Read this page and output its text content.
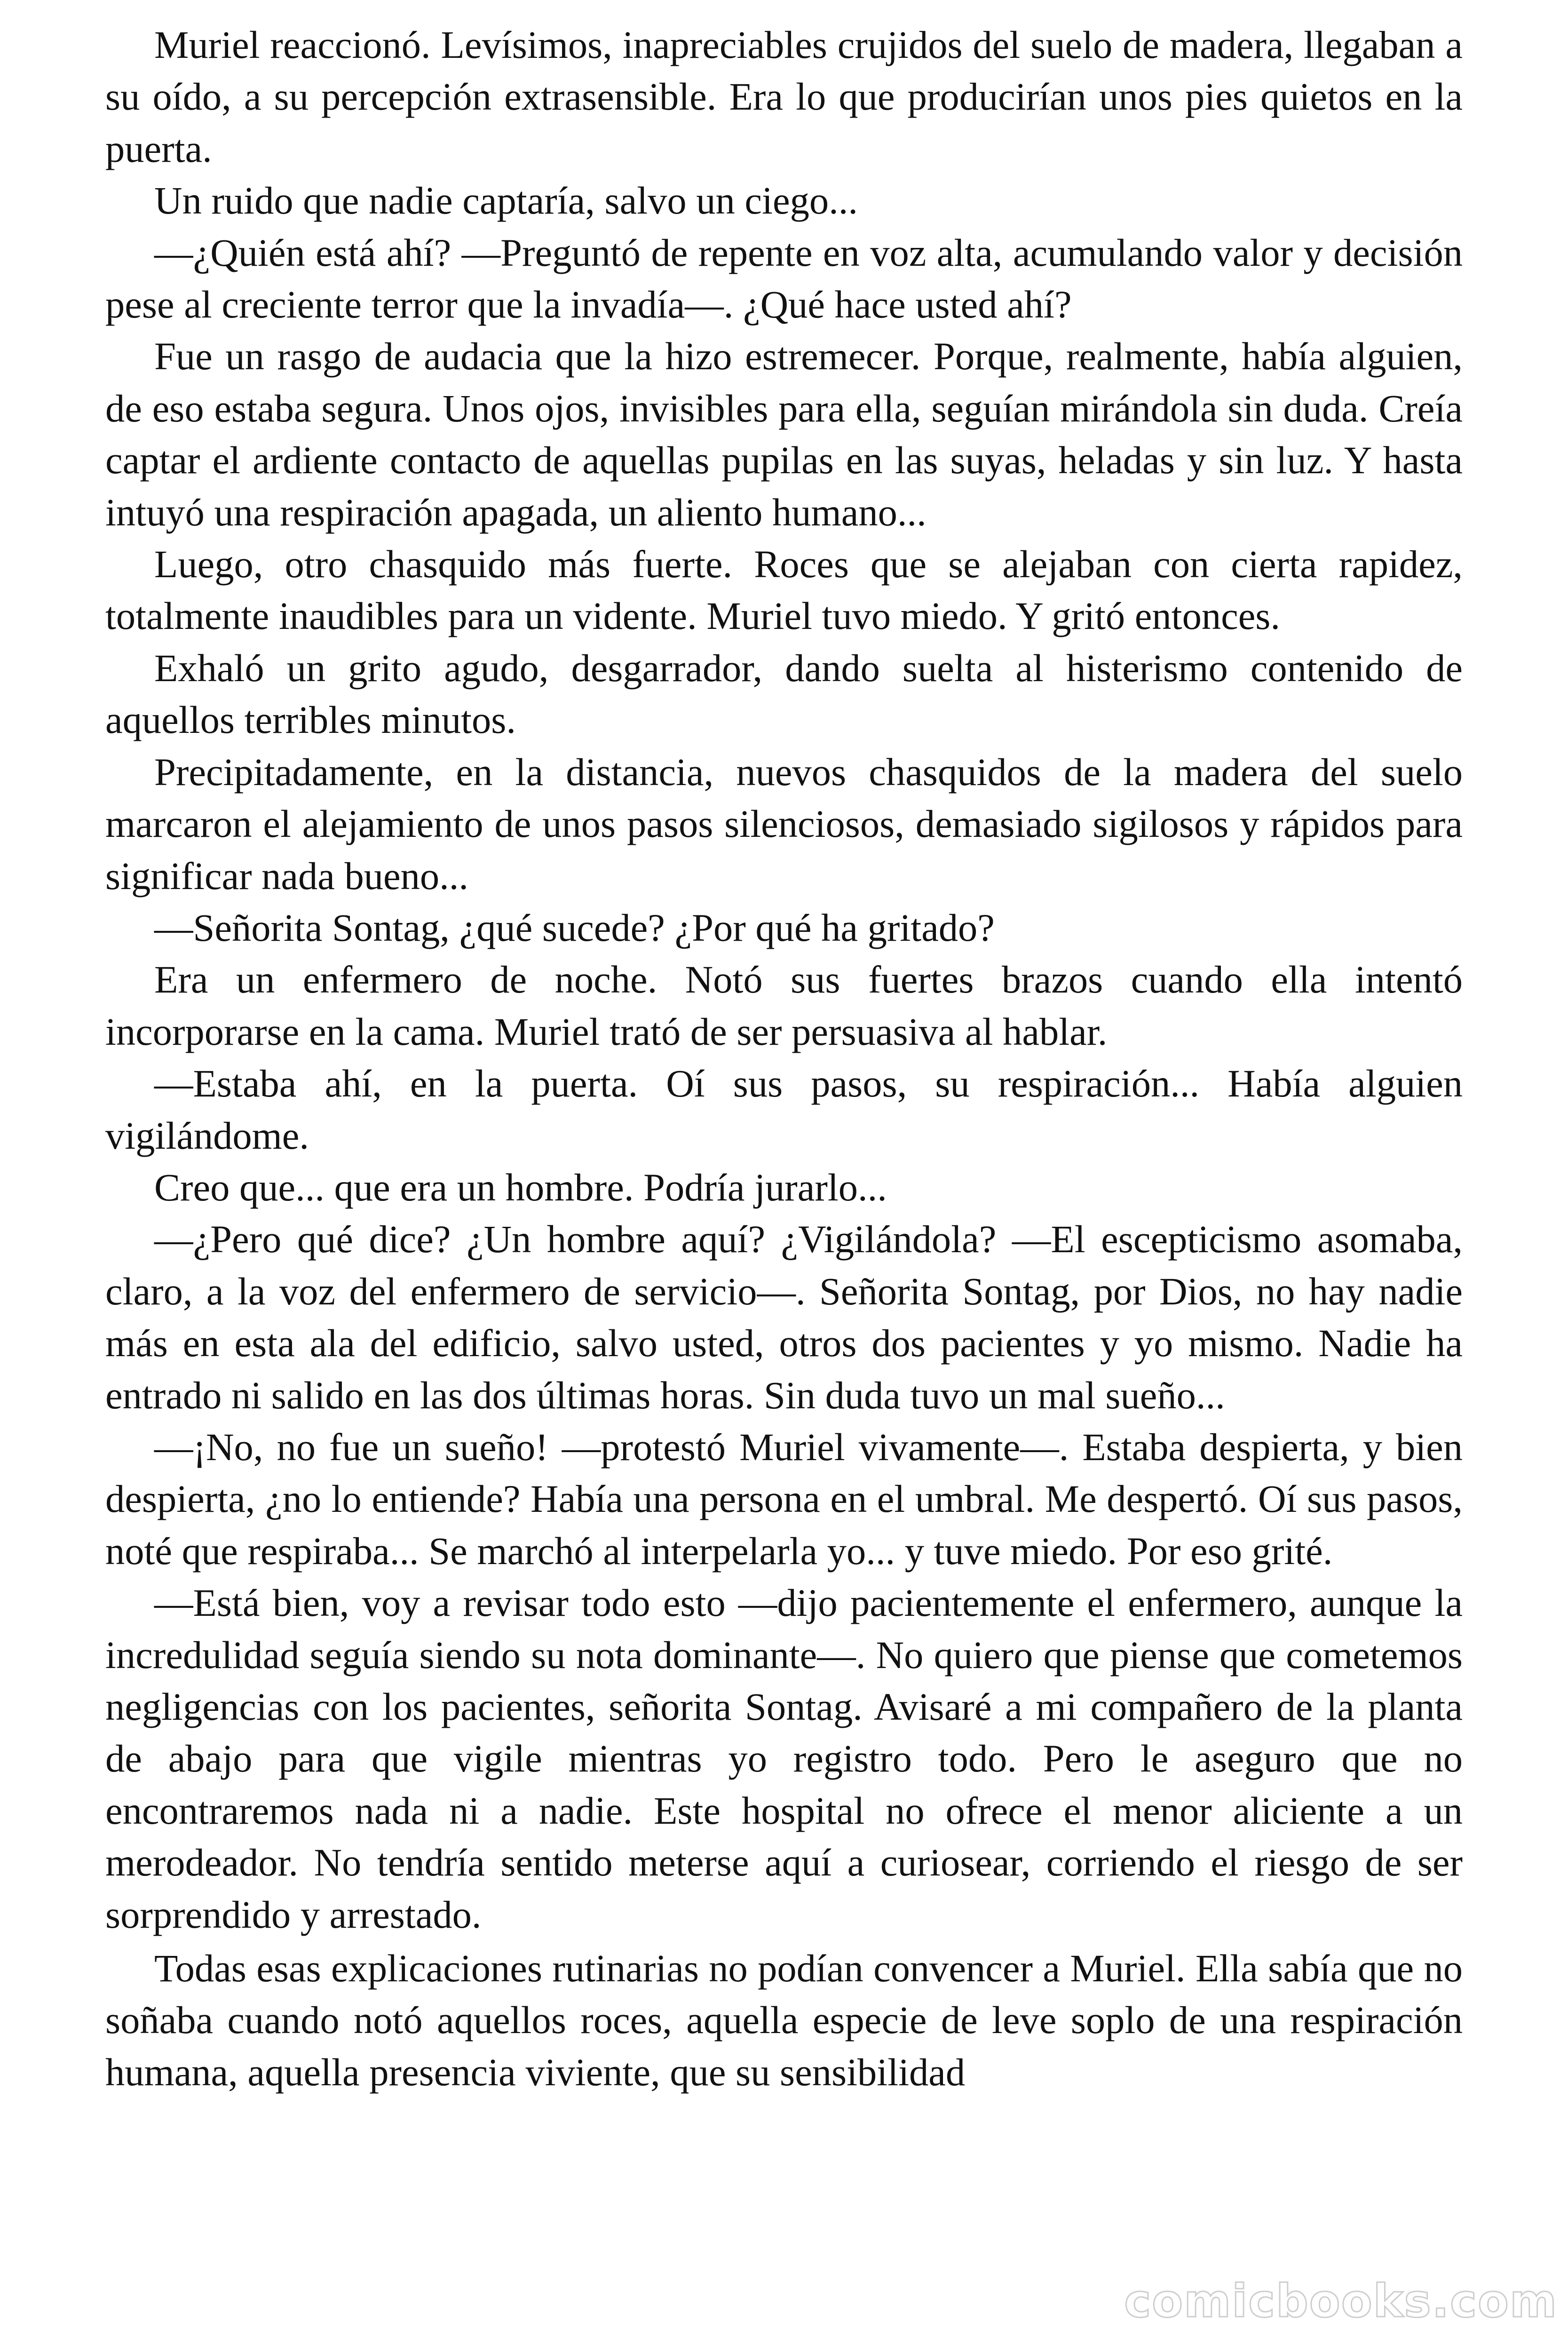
Muriel reaccionó. Levísimos, inapreciables crujidos del suelo de madera, llegaban a su oído, a su percepción extrasensible. Era lo que producirían unos pies quietos en la puerta.

Un ruido que nadie captaría, salvo un ciego...

—¿Quién está ahí? —Preguntó de repente en voz alta, acumulando valor y decisión pese al creciente terror que la invadía—. ¿Qué hace usted ahí?

Fue un rasgo de audacia que la hizo estremecer. Porque, realmente, había alguien, de eso estaba segura. Unos ojos, invisibles para ella, seguían mirándola sin duda. Creía captar el ardiente contacto de aquellas pupilas en las suyas, heladas y sin luz. Y hasta intuyó una respiración apagada, un aliento humano...

Luego, otro chasquido más fuerte. Roces que se alejaban con cierta rapidez, totalmente inaudibles para un vidente. Muriel tuvo miedo. Y gritó entonces.

Exhaló un grito agudo, desgarrador, dando suelta al histerismo contenido de aquellos terribles minutos.

Precipitadamente, en la distancia, nuevos chasquidos de la madera del suelo marcaron el alejamiento de unos pasos silenciosos, demasiado sigilosos y rápidos para significar nada bueno...

—Señorita Sontag, ¿qué sucede? ¿Por qué ha gritado?

Era un enfermero de noche. Notó sus fuertes brazos cuando ella intentó incorporarse en la cama. Muriel trató de ser persuasiva al hablar.

—Estaba ahí, en la puerta. Oí sus pasos, su respiración... Había alguien vigilándome.

Creo que... que era un hombre. Podría jurarlo...

—¿Pero qué dice? ¿Un hombre aquí? ¿Vigilándola? —El escepticismo asomaba, claro, a la voz del enfermero de servicio—. Señorita Sontag, por Dios, no hay nadie más en esta ala del edificio, salvo usted, otros dos pacientes y yo mismo. Nadie ha entrado ni salido en las dos últimas horas. Sin duda tuvo un mal sueño...

—¡No, no fue un sueño! —protestó Muriel vivamente—. Estaba despierta, y bien despierta, ¿no lo entiende? Había una persona en el umbral. Me despertó. Oí sus pasos, noté que respiraba... Se marchó al interpelarla yo... y tuve miedo. Por eso grité.

—Está bien, voy a revisar todo esto —dijo pacientemente el enfermero, aunque la incredulidad seguía siendo su nota dominante—. No quiero que piense que cometemos negligencias con los pacientes, señorita Sontag. Avisaré a mi compañero de la planta de abajo para que vigile mientras yo registro todo. Pero le aseguro que no encontraremos nada ni a nadie. Este hospital no ofrece el menor aliciente a un merodeador. No tendría sentido meterse aquí a curiosear, corriendo el riesgo de ser sorprendido y arrestado.

Todas esas explicaciones rutinarias no podían convencer a Muriel. Ella sabía que no soñaba cuando notó aquellos roces, aquella especie de leve soplo de una respiración humana, aquella presencia viviente, que su sensibilidad

comicbooks.com
